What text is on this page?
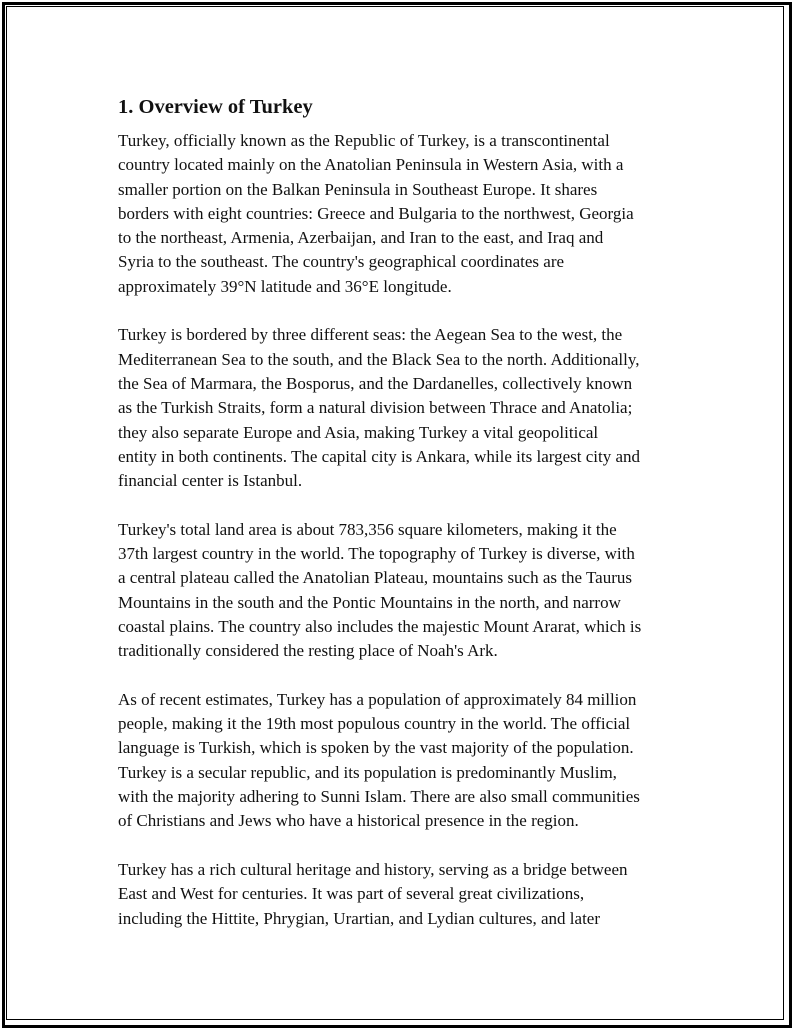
1. Overview of Turkey

Turkey, officially known as the Republic of Turkey, is a transcontinental
country located mainly on the Anatolian Peninsula in Western Asia, with a
smaller portion on the Balkan Peninsula in Southeast Europe. It shares
borders with eight countries: Greece and Bulgaria to the northwest, Georgia
to the northeast, Armenia, Azerbaijan, and Iran to the east, and Iraq and
Syria to the southeast. The country's geographical coordinates are
approximately 39°N latitude and 36°E longitude.

Turkey is bordered by three different seas: the Aegean Sea to the west, the
Mediterranean Sea to the south, and the Black Sea to the north. Additionally,
the Sea of Marmara, the Bosporus, and the Dardanelles, collectively known
as the Turkish Straits, form a natural division between Thrace and Anatolia;
they also separate Europe and Asia, making Turkey a vital geopolitical
entity in both continents. The capital city is Ankara, while its largest city and
financial center is Istanbul.

Turkey's total land area is about 783,356 square kilometers, making it the
37th largest country in the world. The topography of Turkey is diverse, with
a central plateau called the Anatolian Plateau, mountains such as the Taurus
Mountains in the south and the Pontic Mountains in the north, and narrow
coastal plains. The country also includes the majestic Mount Ararat, which is
traditionally considered the resting place of Noah's Ark.

As of recent estimates, Turkey has a population of approximately 84 million
people, making it the 19th most populous country in the world. The official
language is Turkish, which is spoken by the vast majority of the population.
Turkey is a secular republic, and its population is predominantly Muslim,
with the majority adhering to Sunni Islam. There are also small communities
of Christians and Jews who have a historical presence in the region.

Turkey has a rich cultural heritage and history, serving as a bridge between
East and West for centuries. It was part of several great civilizations,
including the Hittite, Phrygian, Urartian, and Lydian cultures, and later
